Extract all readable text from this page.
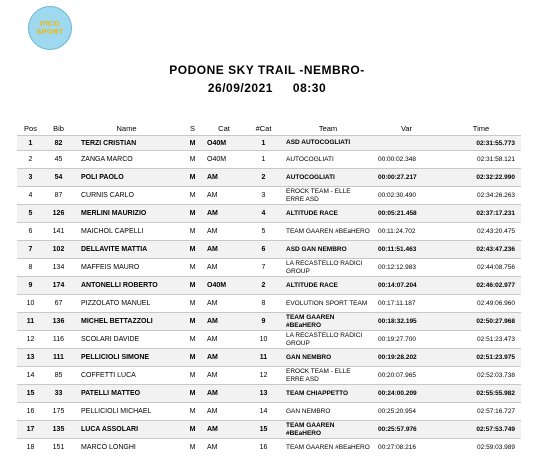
PICO
SPORT
PODONE SKY TRAIL -NEMBRO-
26/09/2021 08:30
Pos	Bib	Name	S	Cat	#Cat	Team	Var	Time
1	82	TERZI CRISTIAN	M	O40M	1	ASD AUTOCOGLIATI		02:31:55.773
2	45	ZANGA MARCO	M	O40M	1	AUTOCOGLIATI	00:00:02.348	02:31:58.121
3	54	POLI PAOLO	M	AM	2	AUTOCOGLIATI	00:00:27.217	02:32:22.990
4	87	CURNIS CARLO	M	AM	3	EROCK TEAM - ELLE ERRE ASD	00:02:30.490	02:34:26.263
5	126	MERLINI MAURIZIO	M	AM	4	ALTITUDE RACE	00:05:21.458	02:37:17.231
6	141	MAICHOL CAPELLI	M	AM	5	TEAM GAAREN #BEaHERO	00:11:24.702	02:43:20.475
7	102	DELLAVITE MATTIA	M	AM	6	ASD GAN NEMBRO	00:11:51.463	02:43:47.236
8	134	MAFFEIS MAURO	M	AM	7	LA RECASTELLO RADICI GROUP	00:12:12.983	02:44:08.756
9	174	ANTONELLI ROBERTO	M	O40M	2	ALTITUDE RACE	00:14:07.204	02:46:02.977
10	67	PIZZOLATO MANUEL	M	AM	8	EVOLUTION SPORT TEAM	00:17:11.187	02:49:06.960
11	136	MICHEL BETTAZZOLI	M	AM	9	TEAM GAAREN #BEaHERO	00:18:32.195	02:50:27.968
12	116	SCOLARI DAVIDE	M	AM	10	LA RECASTELLO RADICI GROUP	00:19:27.700	02:51:23.473
13	111	PELLICIOLI SIMONE	M	AM	11	GAN NEMBRO	00:19:28.202	02:51:23.975
14	85	COFFETTI LUCA	M	AM	12	EROCK TEAM - ELLE ERRE ASD	00:20:07.965	02:52:03.738
15	33	PATELLI MATTEO	M	AM	13	TEAM CHIAPPETTO	00:24:00.209	02:55:55.982
16	175	PELLICIOLI MICHAEL	M	AM	14	GAN NEMBRO	00:25:20.954	02:57:16.727
17	135	LUCA ASSOLARI	M	AM	15	TEAM GAAREN #BEaHERO	00:25:57.976	02:57:53.749
18	151	MARCO LONGHI	M	AM	16	TEAM GAAREN #BEaHERO	00:27:08.216	02:59:03.989
